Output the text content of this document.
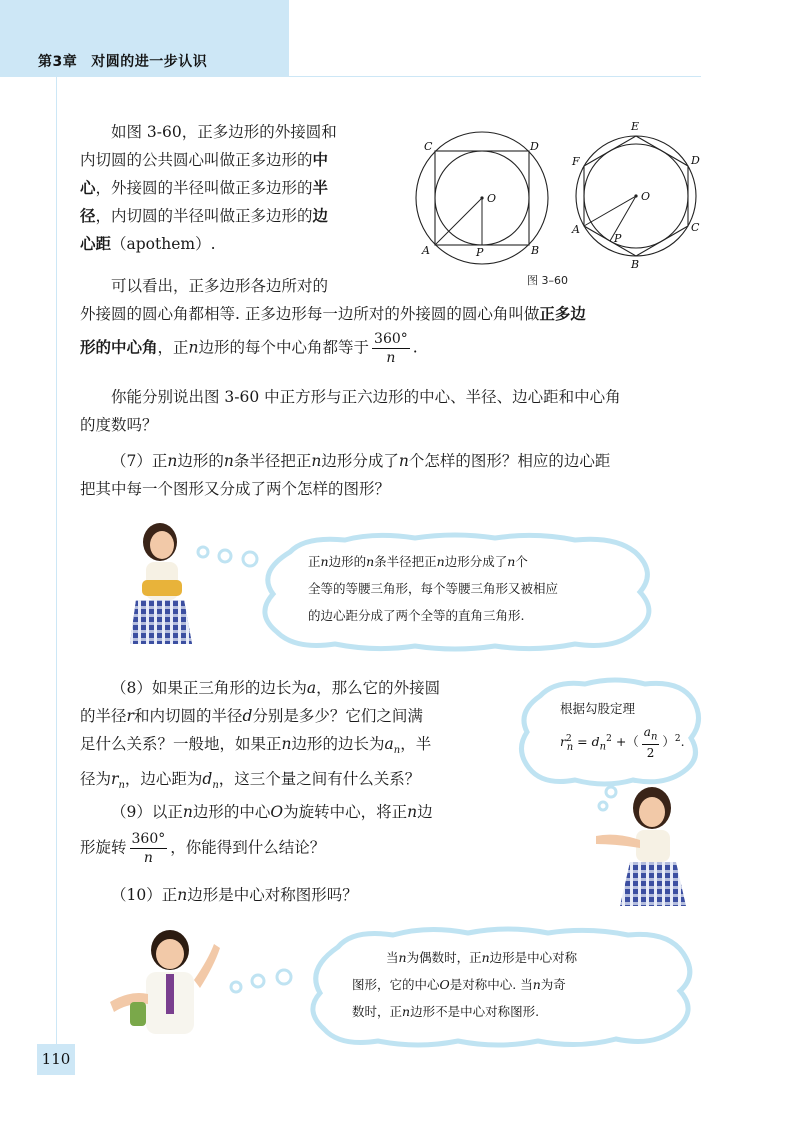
第3章 对圆的进一步认识
如图 3-60，正多边形的外接圆和
内切圆的公共圆心叫做正多边形的中
心，外接圆的半径叫做正多边形的半
径，内切圆的半径叫做正多边形的边
心距（apothem）.
C	D
A	B
O
P
E
D
C
B
A
F
O
P
图 3–60
可以看出，正多边形各边所对的
外接圆的圆心角都相等. 正多边形每一边所对的外接圆的圆心角叫做正多边
形的中心角，正n边形的每个中心角都等于 $\frac{360^\circ}{n}$ .
你能分别说出图 3-60 中正方形与正六边形的中心、半径、边心距和中心角
的度数吗？
（7）正n边形的n条半径把正n边形分成了n个怎样的图形？相应的边心距
把其中每一个图形又分成了两个怎样的图形？
正n边形的n条半径把正n边形分成了n个
全等的等腰三角形，每个等腰三角形又被相应
的边心距分成了两个全等的直角三角形.
（8）如果正三角形的边长为a，那么它的外接圆
的半径r和内切圆的半径d分别是多少？它们之间满
足什么关系？一般地，如果正n边形的边长为$a_n$，半
径为$r_n$，边心距为$d_n$，这三个量之间有什么关系？
根据勾股定理
$r^2_n = d_n^2$ +（ $\frac{a_n}{2} )^2$.
（9）以正n边形的中心O为旋转中心，将正n边
形旋转 $\frac{360^\circ}{n}$ ，你能得到什么结论？
（10）正n边形是中心对称图形吗？
当n为偶数时，正n边形是中心对称
图形，它的中心O是对称中心. 当n为奇
数时，正n边形不是中心对称图形.
110
